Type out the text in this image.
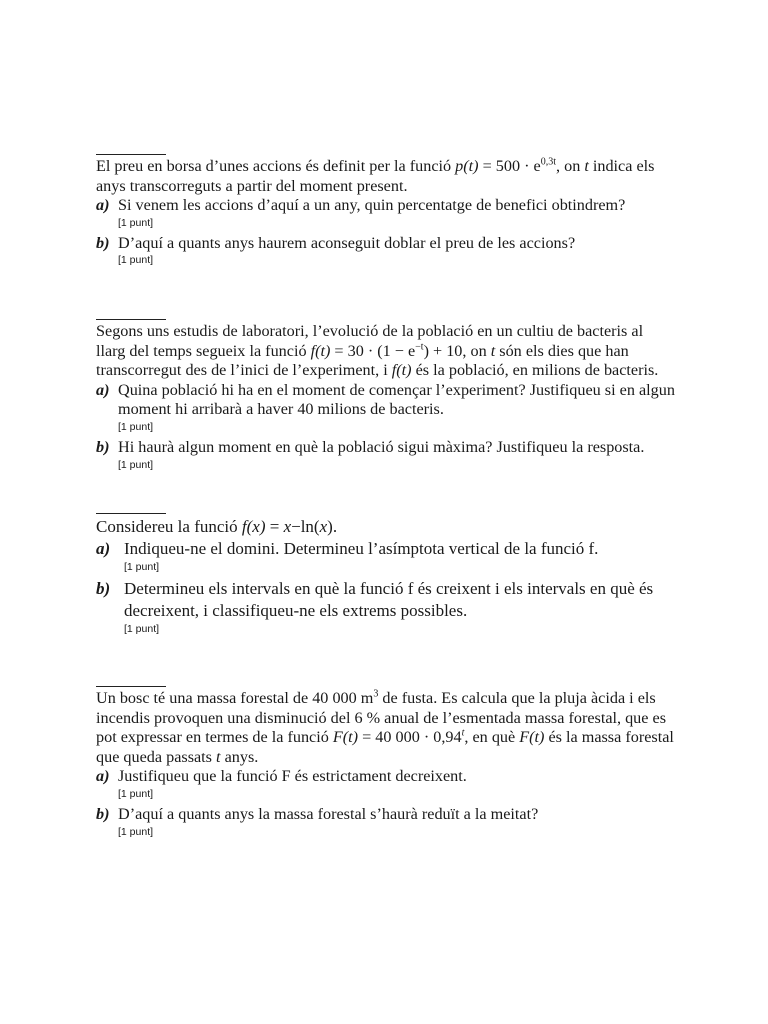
El preu en borsa d’unes accions és definit per la funció $p(t) = 500 \cdot e^{0,3t}$, on t indica els anys transcorreguts a partir del moment present.

a) Si venem les accions d’aquí a un any, quin percentatge de benefici obtindrem?
[1 punt]
b) D’aquí a quants anys haurem aconseguit doblar el preu de les accions?
[1 punt]

Segons uns estudis de laboratori, l’evolució de la població en un cultiu de bacteris al llarg del temps segueix la funció $f(t) = 30 \cdot (1 - e^{-t}) + 10$, on t són els dies que han transcorregut des de l’inici de l’experiment, i f(t) és la població, en milions de bacteris.

a) Quina població hi ha en el moment de començar l’experiment? Justifiqueu si en algun moment hi arribarà a haver 40 milions de bacteris.
[1 punt]
b) Hi haurà algun moment en què la població sigui màxima? Justifiqueu la resposta.
[1 punt]

Considereu la funció f(x) = x−ln(x).

a) Indiqueu-ne el domini. Determineu l’asímptota vertical de la funció f.
[1 punt]
b) Determineu els intervals en què la funció f és creixent i els intervals en què és decreixent, i classifiqueu-ne els extrems possibles.
[1 punt]

Un bosc té una massa forestal de 40 000 $m^3$ de fusta. Es calcula que la pluja àcida i els incendis provoquen una disminució del 6 % anual de l’esmentada massa forestal, que es pot expressar en termes de la funció F(t) = 40 $000 \cdot 0,94^t$, en què F(t) és la massa forestal que queda passats t anys.

a) Justifiqueu que la funció F és estrictament decreixent.
[1 punt]
b) D’aquí a quants anys la massa forestal s’haurà reduït a la meitat?
[1 punt]
